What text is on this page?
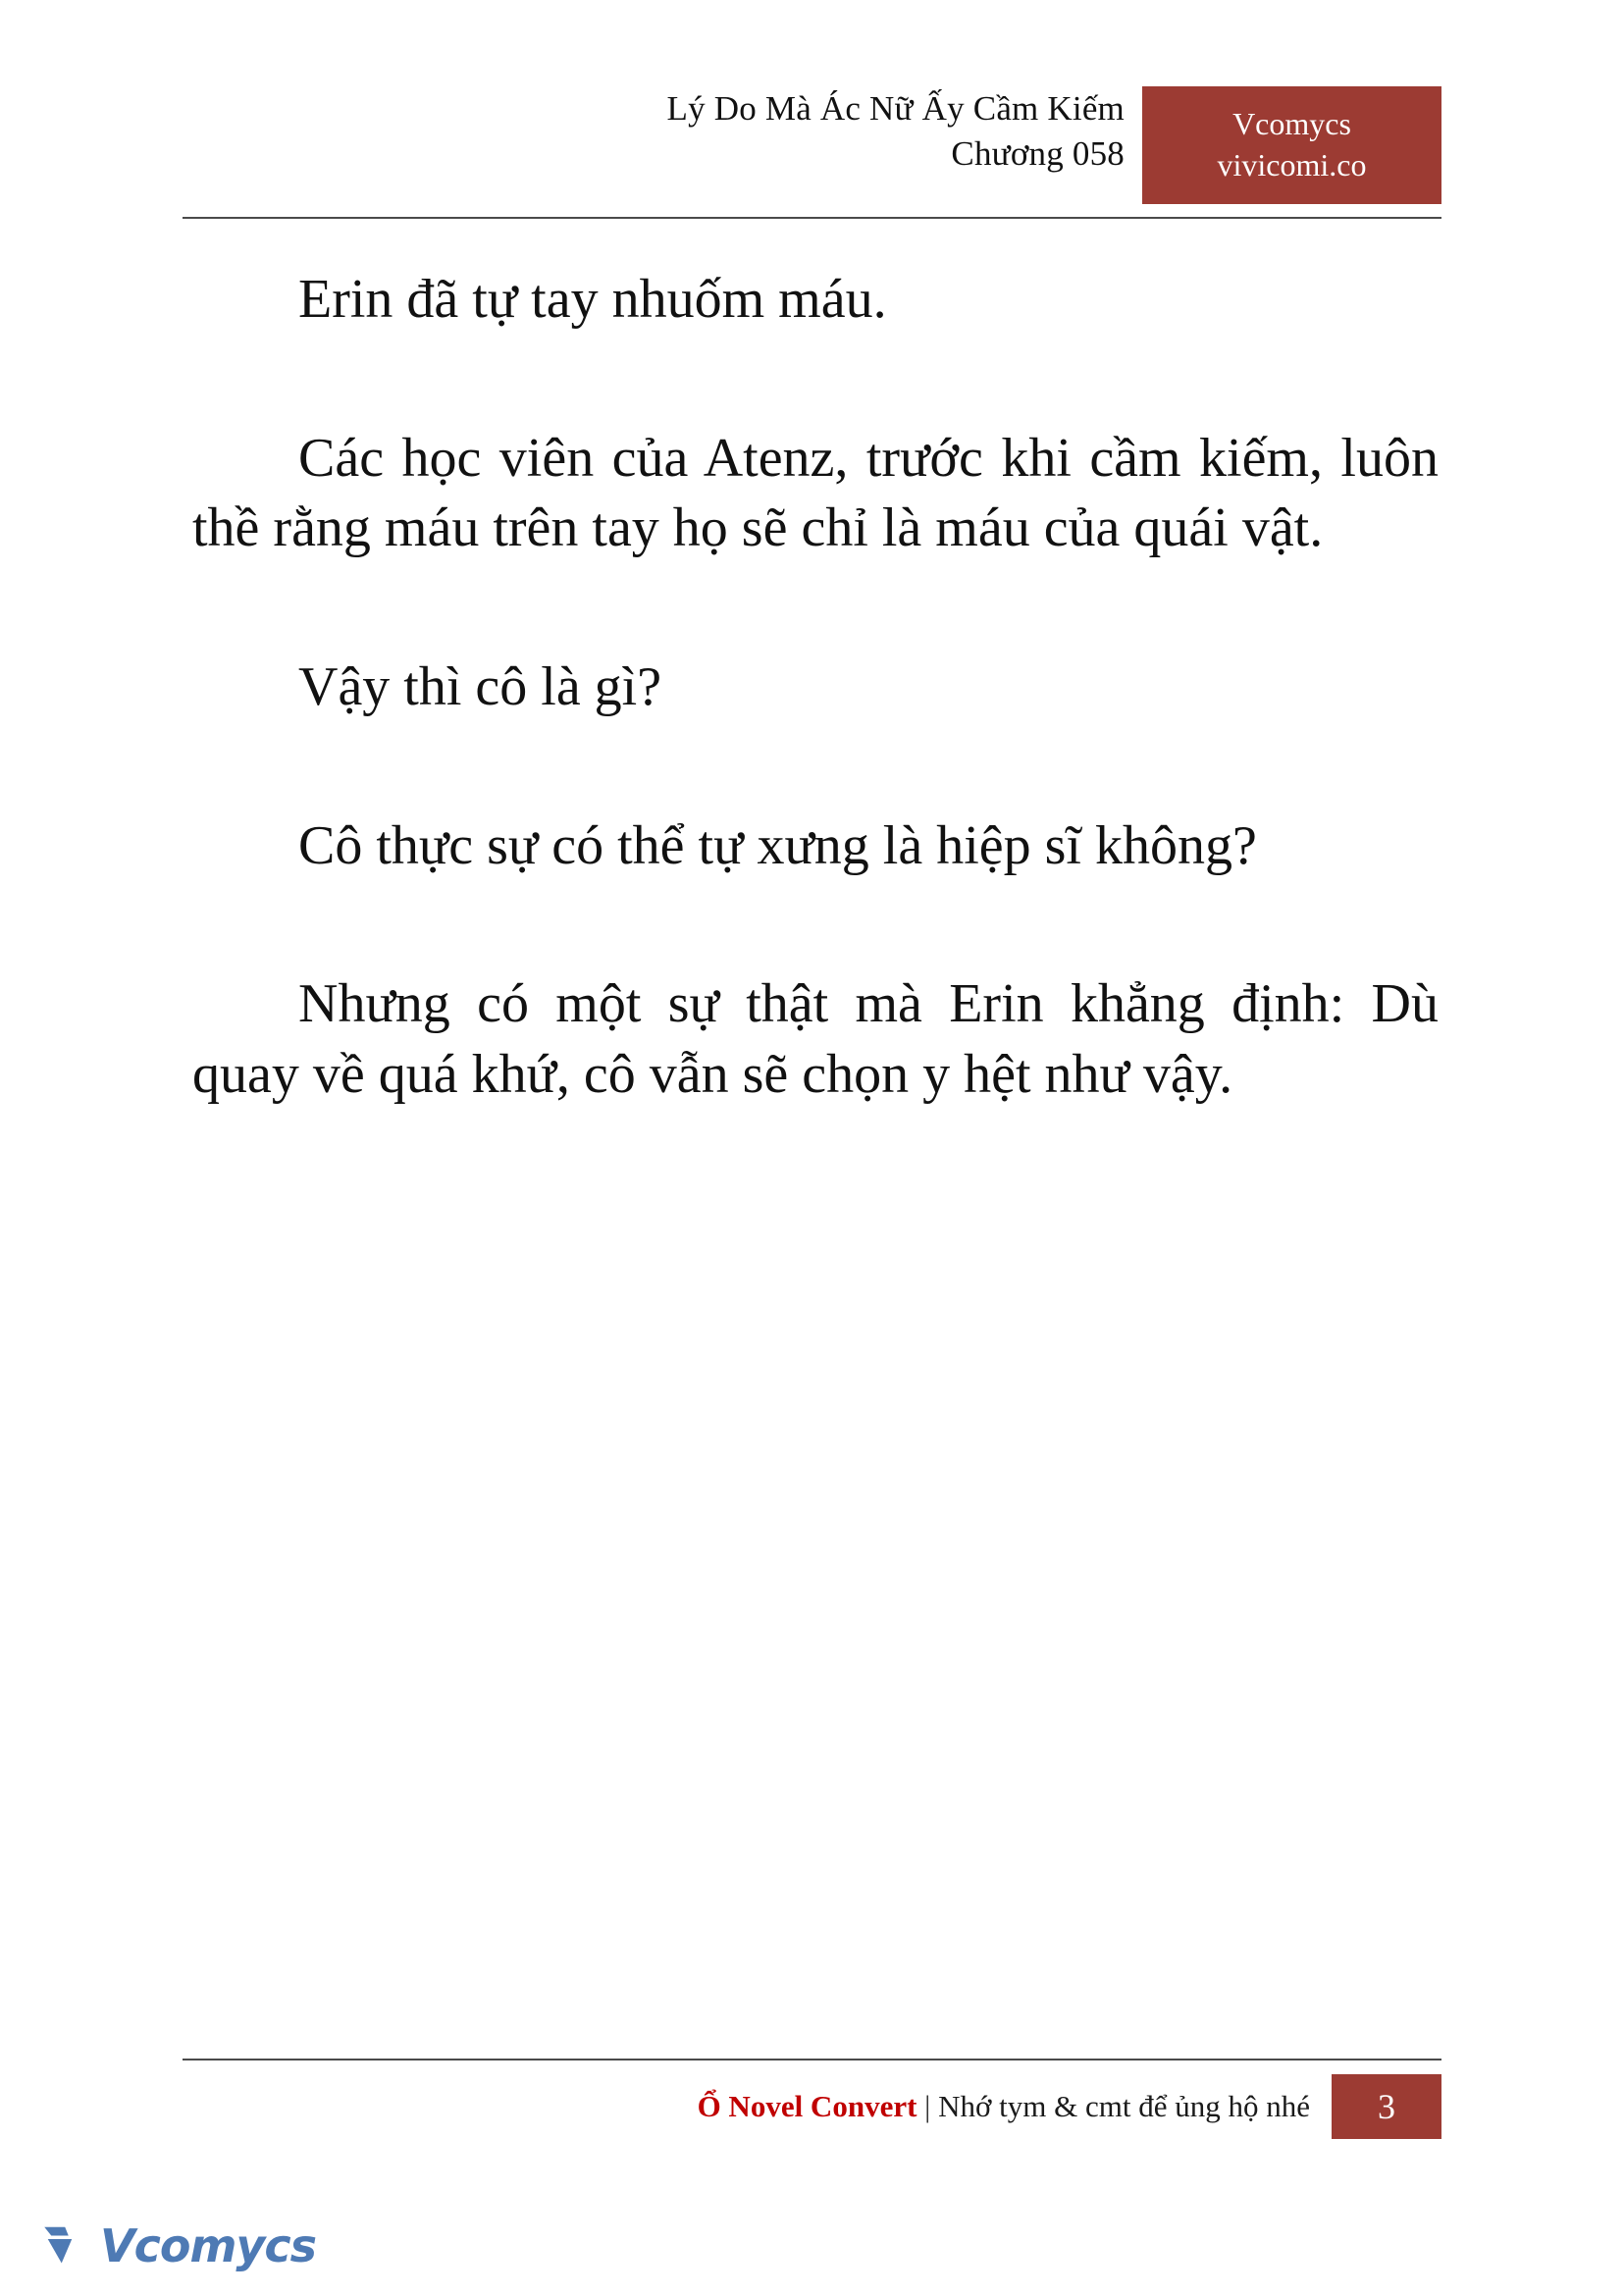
Lý Do Mà Ác Nữ Ấy Cầm Kiếm
Chương 058
Vcomycs
vivicomi.co

Erin đã tự tay nhuốm máu.

Các học viên của Atenz, trước khi cầm kiếm, luôn thề rằng máu trên tay họ sẽ chỉ là máu của quái vật.

Vậy thì cô là gì?

Cô thực sự có thể tự xưng là hiệp sĩ không?

Nhưng có một sự thật mà Erin khẳng định: Dù quay về quá khứ, cô vẫn sẽ chọn y hệt như vậy.

Ổ Novel Convert | Nhớ tym & cmt để ủng hộ nhé	3
Vcomycs
